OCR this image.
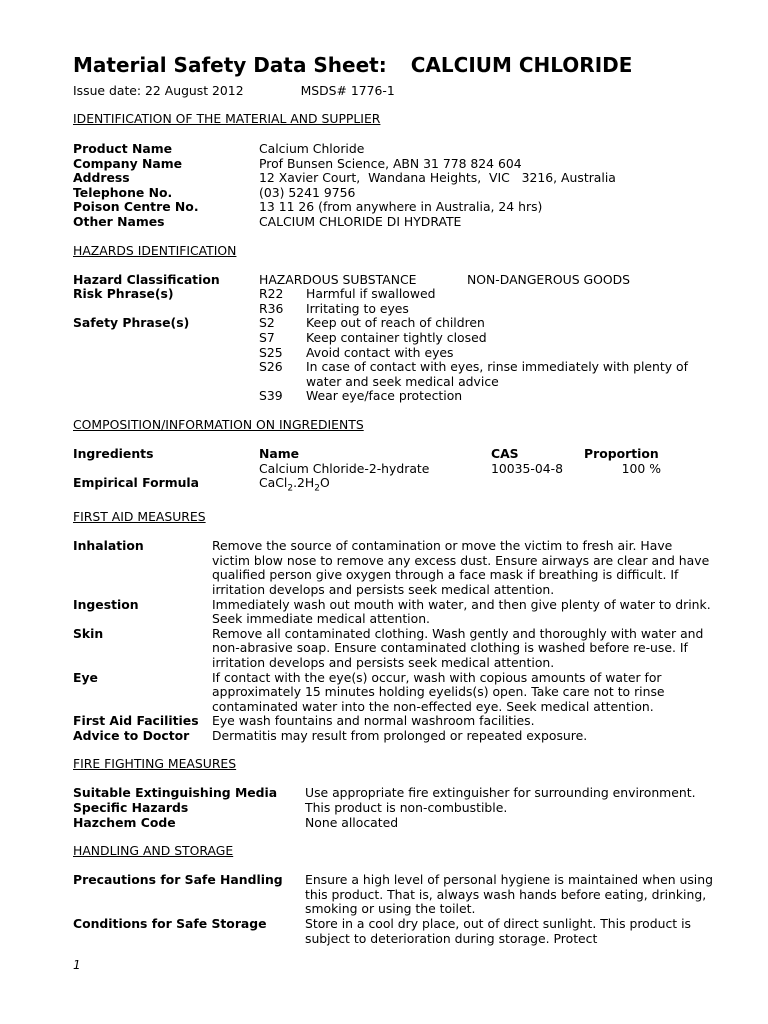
Material Safety Data Sheet: CALCIUM CHLORIDE
Issue date: 22 August 2012	MSDS# 1776-1
IDENTIFICATION OF THE MATERIAL AND SUPPLIER
Product Name	Calcium Chloride
Company Name	Prof Bunsen Science, ABN 31 778 824 604
Address	12 Xavier Court,  Wandana Heights,  VIC   3216, Australia
Telephone No.	(03) 5241 9756
Poison Centre No.	13 11 26 (from anywhere in Australia, 24 hrs)
Other Names	CALCIUM CHLORIDE DI HYDRATE
HAZARDS IDENTIFICATION
Hazard Classification	HAZARDOUS SUBSTANCE	NON-DANGEROUS GOODS
Risk Phrase(s)	R22	Harmful if swallowed
R36	Irritating to eyes
Safety Phrase(s)	S2	Keep out of reach of children
S7	Keep container tightly closed
S25	Avoid contact with eyes
S26	In case of contact with eyes, rinse immediately with plenty of water and seek medical advice
S39	Wear eye/face protection
COMPOSITION/INFORMATION ON INGREDIENTS
Ingredients	Name	CAS	Proportion
Calcium Chloride-2-hydrate	10035-04-8	100 %
Empirical Formula	$CaCl_2.2H_2O$
FIRST AID MEASURES
Inhalation	Remove the source of contamination or move the victim to fresh air. Have victim blow nose to remove any excess dust. Ensure airways are clear and have qualified person give oxygen through a face mask if breathing is difficult. If irritation develops and persists seek medical attention.
Ingestion	Immediately wash out mouth with water, and then give plenty of water to drink. Seek immediate medical attention.
Skin	Remove all contaminated clothing. Wash gently and thoroughly with water and non-abrasive soap. Ensure contaminated clothing is washed before re-use. If irritation develops and persists seek medical attention.
Eye	If contact with the eye(s) occur, wash with copious amounts of water for approximately 15 minutes holding eyelids(s) open. Take care not to rinse contaminated water into the non-effected eye. Seek medical attention.
First Aid Facilities	Eye wash fountains and normal washroom facilities.
Advice to Doctor	Dermatitis may result from prolonged or repeated exposure.
FIRE FIGHTING MEASURES
Suitable Extinguishing Media	Use appropriate fire extinguisher for surrounding environment.
Specific Hazards	This product is non-combustible.
Hazchem Code	None allocated
HANDLING AND STORAGE
Precautions for Safe Handling	Ensure a high level of personal hygiene is maintained when using this product. That is, always wash hands before eating, drinking, smoking or using the toilet.
Conditions for Safe Storage	Store in a cool dry place, out of direct sunlight. This product is subject to deterioration during storage. Protect
1
